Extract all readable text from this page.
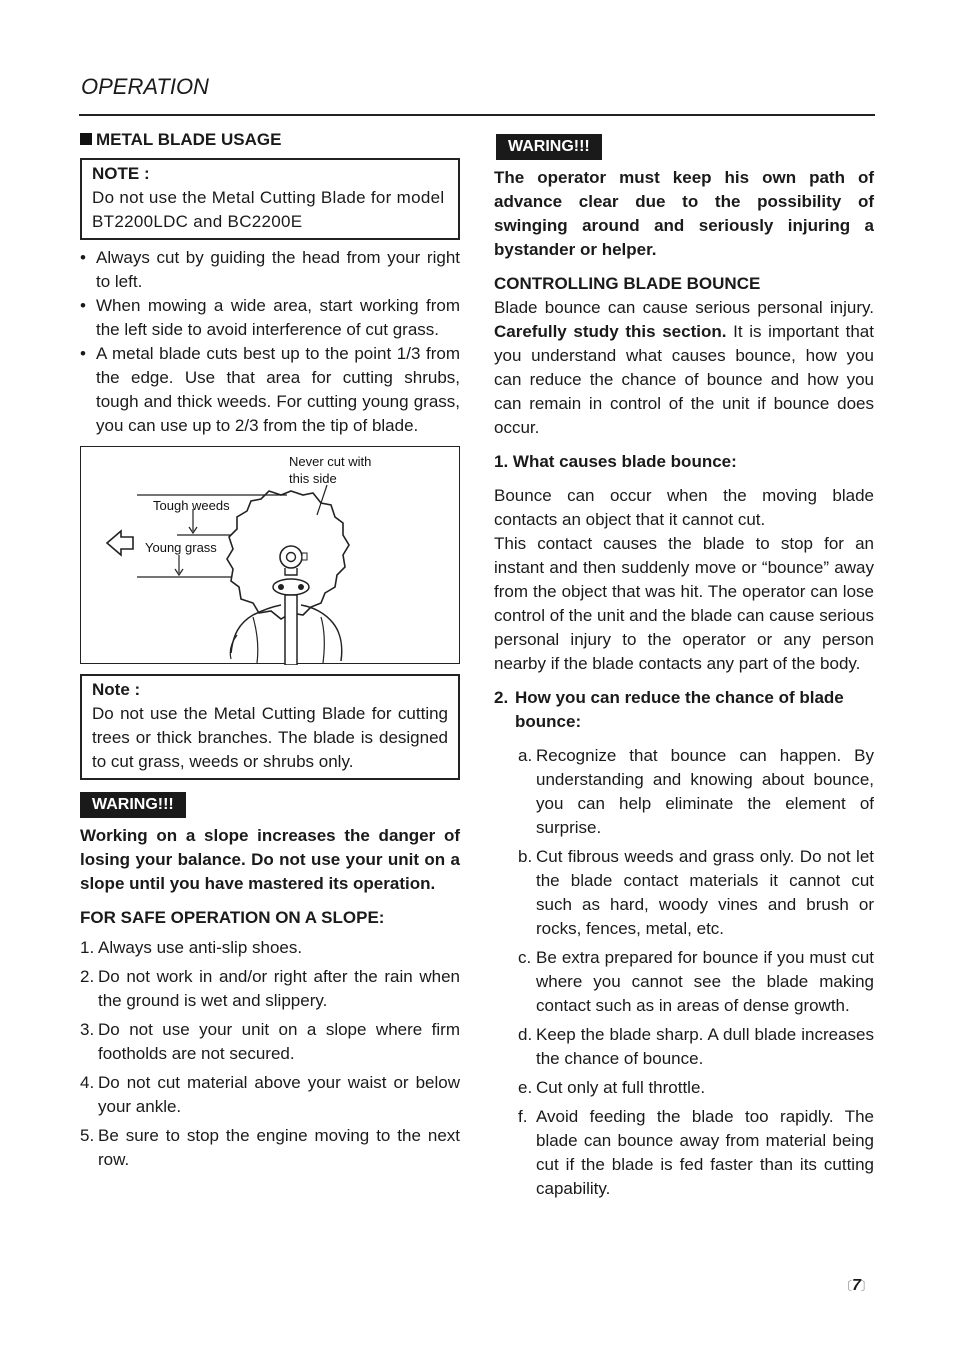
OPERATION
METAL BLADE USAGE
NOTE :

Do not use the Metal Cutting Blade for model BT2200LDC and BC2200E

• Always cut by guiding the head from your right to left.
• When mowing a wide area, start working from the left side to avoid interference of cut grass.
• A metal blade cuts best up to the point 1/3 from the edge. Use that area for cutting shrubs, tough and thick weeds. For cutting young grass, you can use up to 2/3 from the tip of blade.
Never cut with this side
Tough weeds
Young grass
Note :

Do not use the Metal Cutting Blade for cutting trees or thick branches. The blade is designed to cut grass, weeds or shrubs only.

WARING!!!
Working on a slope increases the danger of losing your balance. Do not use your unit on a slope until you have mastered its operation.
FOR SAFE OPERATION ON A SLOPE:
1. Always use anti-slip shoes.
2. Do not work in and/or right after the rain when the ground is wet and slippery.
3. Do not use your unit on a slope where firm footholds are not secured.
4. Do not cut material above your waist or below your ankle.
5. Be sure to stop the engine moving to the next row.
WARING!!!
The operator must keep his own path of advance clear due to the possibility of swinging around and seriously injuring a bystander or helper.
CONTROLLING BLADE BOUNCE

Blade bounce can cause serious personal injury. Carefully study this section. It is important that you understand what causes bounce, how you can reduce the chance of bounce and how you can remain in control of the unit if bounce does occur.

1. What causes blade bounce:

Bounce can occur when the moving blade contacts an object that it cannot cut.

This contact causes the blade to stop for an instant and then suddenly move or “bounce” away from the object that was hit. The operator can lose control of the unit and the blade can cause serious personal injury to the operator or any person nearby if the blade contacts any part of the body.

2. How you can reduce the chance of blade bounce:
a. Recognize that bounce can happen. By understanding and knowing about bounce, you can help eliminate the element of surprise.
b. Cut fibrous weeds and grass only. Do not let the blade contact materials it cannot cut such as hard, woody vines and brush or rocks, fences, metal, etc.
c. Be extra prepared for bounce if you must cut where you cannot see the blade making contact such as in areas of dense growth.
d. Keep the blade sharp. A dull blade increases the chance of bounce.
e. Cut only at full throttle.
f. Avoid feeding the blade too rapidly. The blade can bounce away from material being cut if the blade is fed faster than its cutting capability.
〔7〕
